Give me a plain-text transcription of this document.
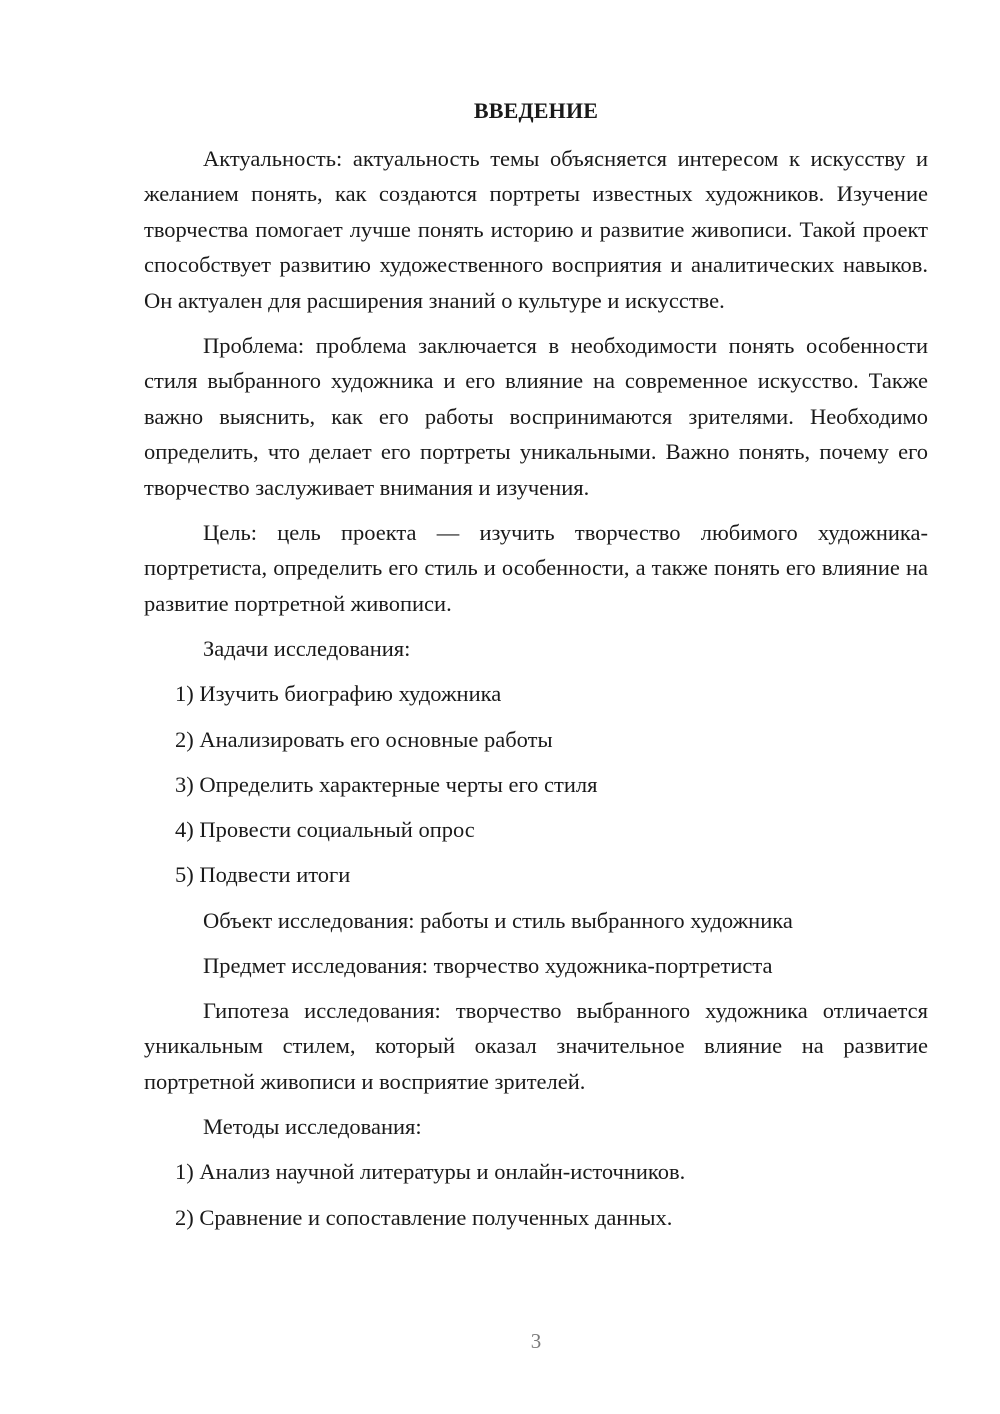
ВВЕДЕНИЕ

Актуальность: актуальность темы объясняется интересом к искусству и желанием понять, как создаются портреты известных художников. Изучение творчества помогает лучше понять историю и развитие живописи. Такой проект способствует развитию художественного восприятия и аналитических навыков. Он актуален для расширения знаний о культуре и искусстве.

Проблема: проблема заключается в необходимости понять особенности стиля выбранного художника и его влияние на современное искусство. Также важно выяснить, как его работы воспринимаются зрителями. Необходимо определить, что делает его портреты уникальными. Важно понять, почему его творчество заслуживает внимания и изучения.

Цель: цель проекта — изучить творчество любимого художника-портретиста, определить его стиль и особенности, а также понять его влияние на развитие портретной живописи.

Задачи исследования:

1) Изучить биографию художника

2) Анализировать его основные работы

3) Определить характерные черты его стиля

4) Провести социальный опрос

5) Подвести итоги

Объект исследования: работы и стиль выбранного художника

Предмет исследования: творчество художника-портретиста

Гипотеза исследования: творчество выбранного художника отличается уникальным стилем, который оказал значительное влияние на развитие портретной живописи и восприятие зрителей.

Методы исследования:

1) Анализ научной литературы и онлайн-источников.

2) Сравнение и сопоставление полученных данных.

3
